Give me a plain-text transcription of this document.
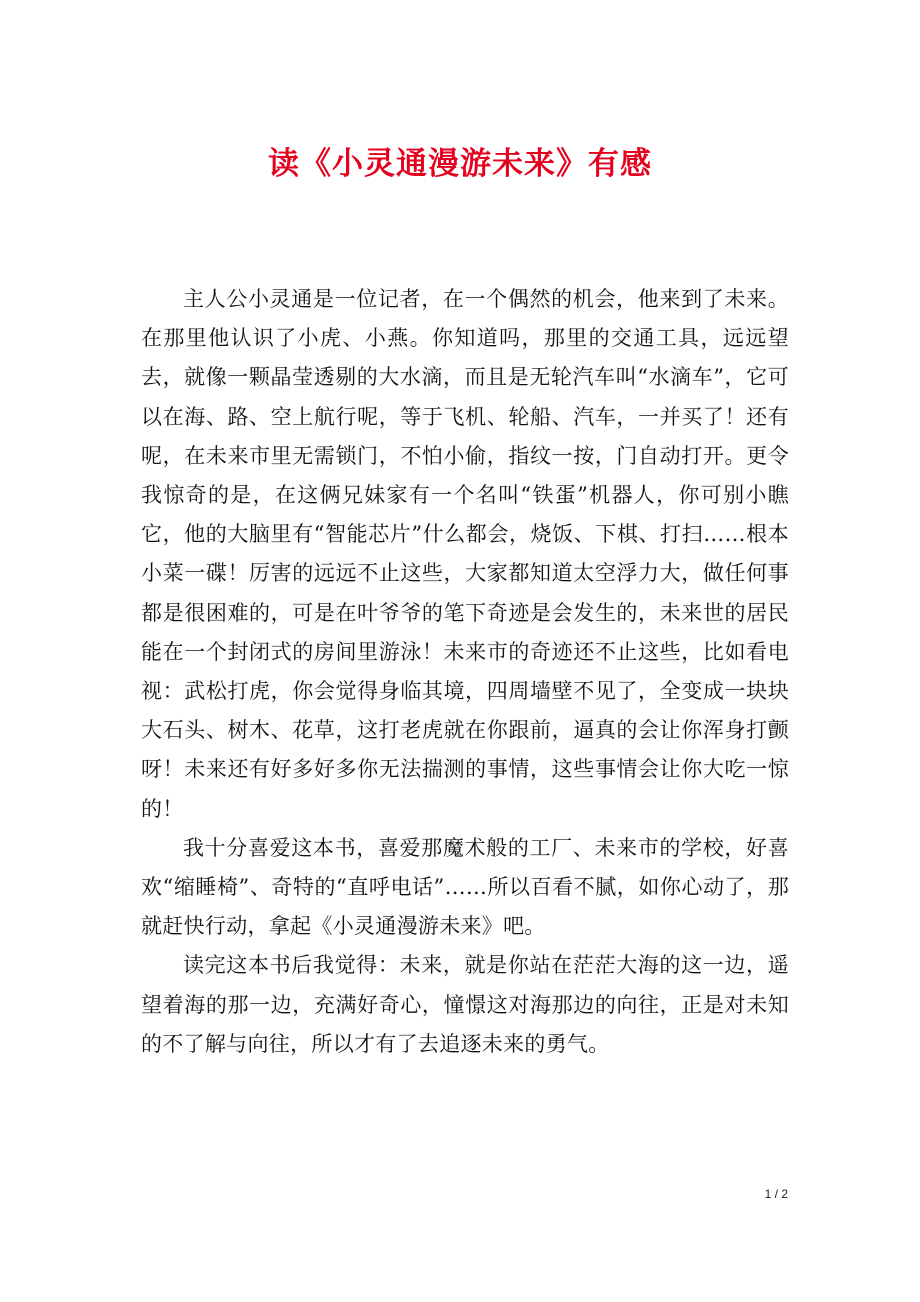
读《小灵通漫游未来》有感

主人公小灵通是一位记者，在一个偶然的机会，他来到了未来。在那里他认识了小虎、小燕。你知道吗，那里的交通工具，远远望去，就像一颗晶莹透剔的大水滴，而且是无轮汽车叫“水滴车”，它可以在海、路、空上航行呢，等于飞机、轮船、汽车，一并买了！还有呢，在未来市里无需锁门，不怕小偷，指纹一按，门自动打开。更令我惊奇的是，在这俩兄妹家有一个名叫“铁蛋”机器人，你可别小瞧它，他的大脑里有“智能芯片”什么都会，烧饭、下棋、打扫……根本小菜一碟！厉害的远远不止这些，大家都知道太空浮力大，做任何事都是很困难的，可是在叶爷爷的笔下奇迹是会发生的，未来世的居民能在一个封闭式的房间里游泳！未来市的奇迹还不止这些，比如看电视：武松打虎，你会觉得身临其境，四周墙壁不见了，全变成一块块大石头、树木、花草，这打老虎就在你跟前，逼真的会让你浑身打颤呀！未来还有好多好多你无法揣测的事情，这些事情会让你大吃一惊的！

我十分喜爱这本书，喜爱那魔术般的工厂、未来市的学校，好喜欢“缩睡椅”、奇特的“直呼电话”……所以百看不腻，如你心动了，那就赶快行动，拿起《小灵通漫游未来》吧。

读完这本书后我觉得：未来，就是你站在茫茫大海的这一边，遥望着海的那一边，充满好奇心，憧憬这对海那边的向往，正是对未知的不了解与向往，所以才有了去追逐未来的勇气。

1 / 2
